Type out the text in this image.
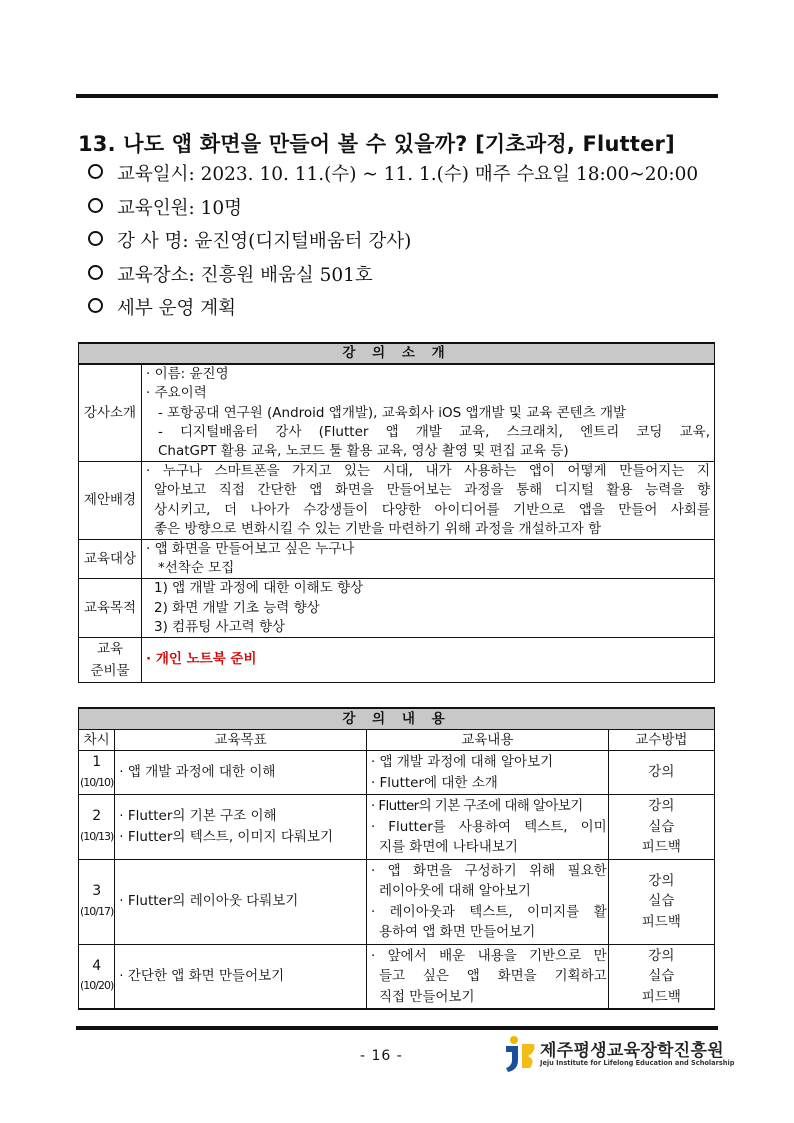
13. 나도 앱 화면을 만들어 볼 수 있을까? [기초과정, Flutter]
교육일시: 2023. 10. 11.(수) ~ 11. 1.(수) 매주 수요일 18:00~20:00
교육인원: 10명
강 사 명: 윤진영(디지털배움터 강사)
교육장소: 진흥원 배움실 501호
세부 운영 계획
강 의 소 개	
강사소개	· 이름: 윤진영
· 주요이력
- 포항공대 연구원 (Android 앱개발), 교육회사 iOS 앱개발 및 교육 콘텐츠 개발
- 디지털배움터 강사 (Flutter 앱 개발 교육, 스크래치, 엔트리 코딩 교육,
ChatGPT 활용 교육, 노코드 툴 활용 교육, 영상 촬영 및 편집 교육 등)

제안배경	· 누구나 스마트폰을 가지고 있는 시대, 내가 사용하는 앱이 어떻게 만들어지는 지
알아보고 직접 간단한 앱 화면을 만들어보는 과정을 통해 디지털 활용 능력을 향
상시키고, 더 나아가 수강생들이 다양한 아이디어를 기반으로 앱을 만들어 사회를
좋은 방향으로 변화시킬 수 있는 기반을 마련하기 위해 과정을 개설하고자 함

교육대상	· 앱 화면을 만들어보고 싶은 누구나
*선착순 모집

교육목적	1) 앱 개발 과정에 대한 이해도 향상
2) 화면 개발 기초 능력 향상
3) 컴퓨팅 사고력 향상

교육
준비물	· 개인 노트북 준비
강 의 내 용			
차시	교육목표	교육내용	교수방법
1
(10/10)	· 앱 개발 과정에 대한 이해	· 앱 개발 과정에 대해 알아보기
· Flutter에 대한 소개	강의

2
(10/13)	· Flutter의 기본 구조 이해
· Flutter의 텍스트, 이미지 다뤄보기	· Flutter의 기본 구조에 대해 알아보기
· Flutter를 사용하여 텍스트, 이미
지를 화면에 나타내보기	강의
실습
피드백

3
(10/17)	· Flutter의 레이아웃 다뤄보기	· 앱 화면을 구성하기 위해 필요한
레이아웃에 대해 알아보기
· 레이아웃과 텍스트, 이미지를 활
용하여 앱 화면 만들어보기	강의
실습
피드백

4
(10/20)	· 간단한 앱 화면 만들어보기	· 앞에서 배운 내용을 기반으로 만
들고 싶은 앱 화면을 기획하고
직접 만들어보기	강의
실습
피드백
- 16 -	제주평생교육장학진흥원
Jeju Institute for Lifelong Education and Scholarship
